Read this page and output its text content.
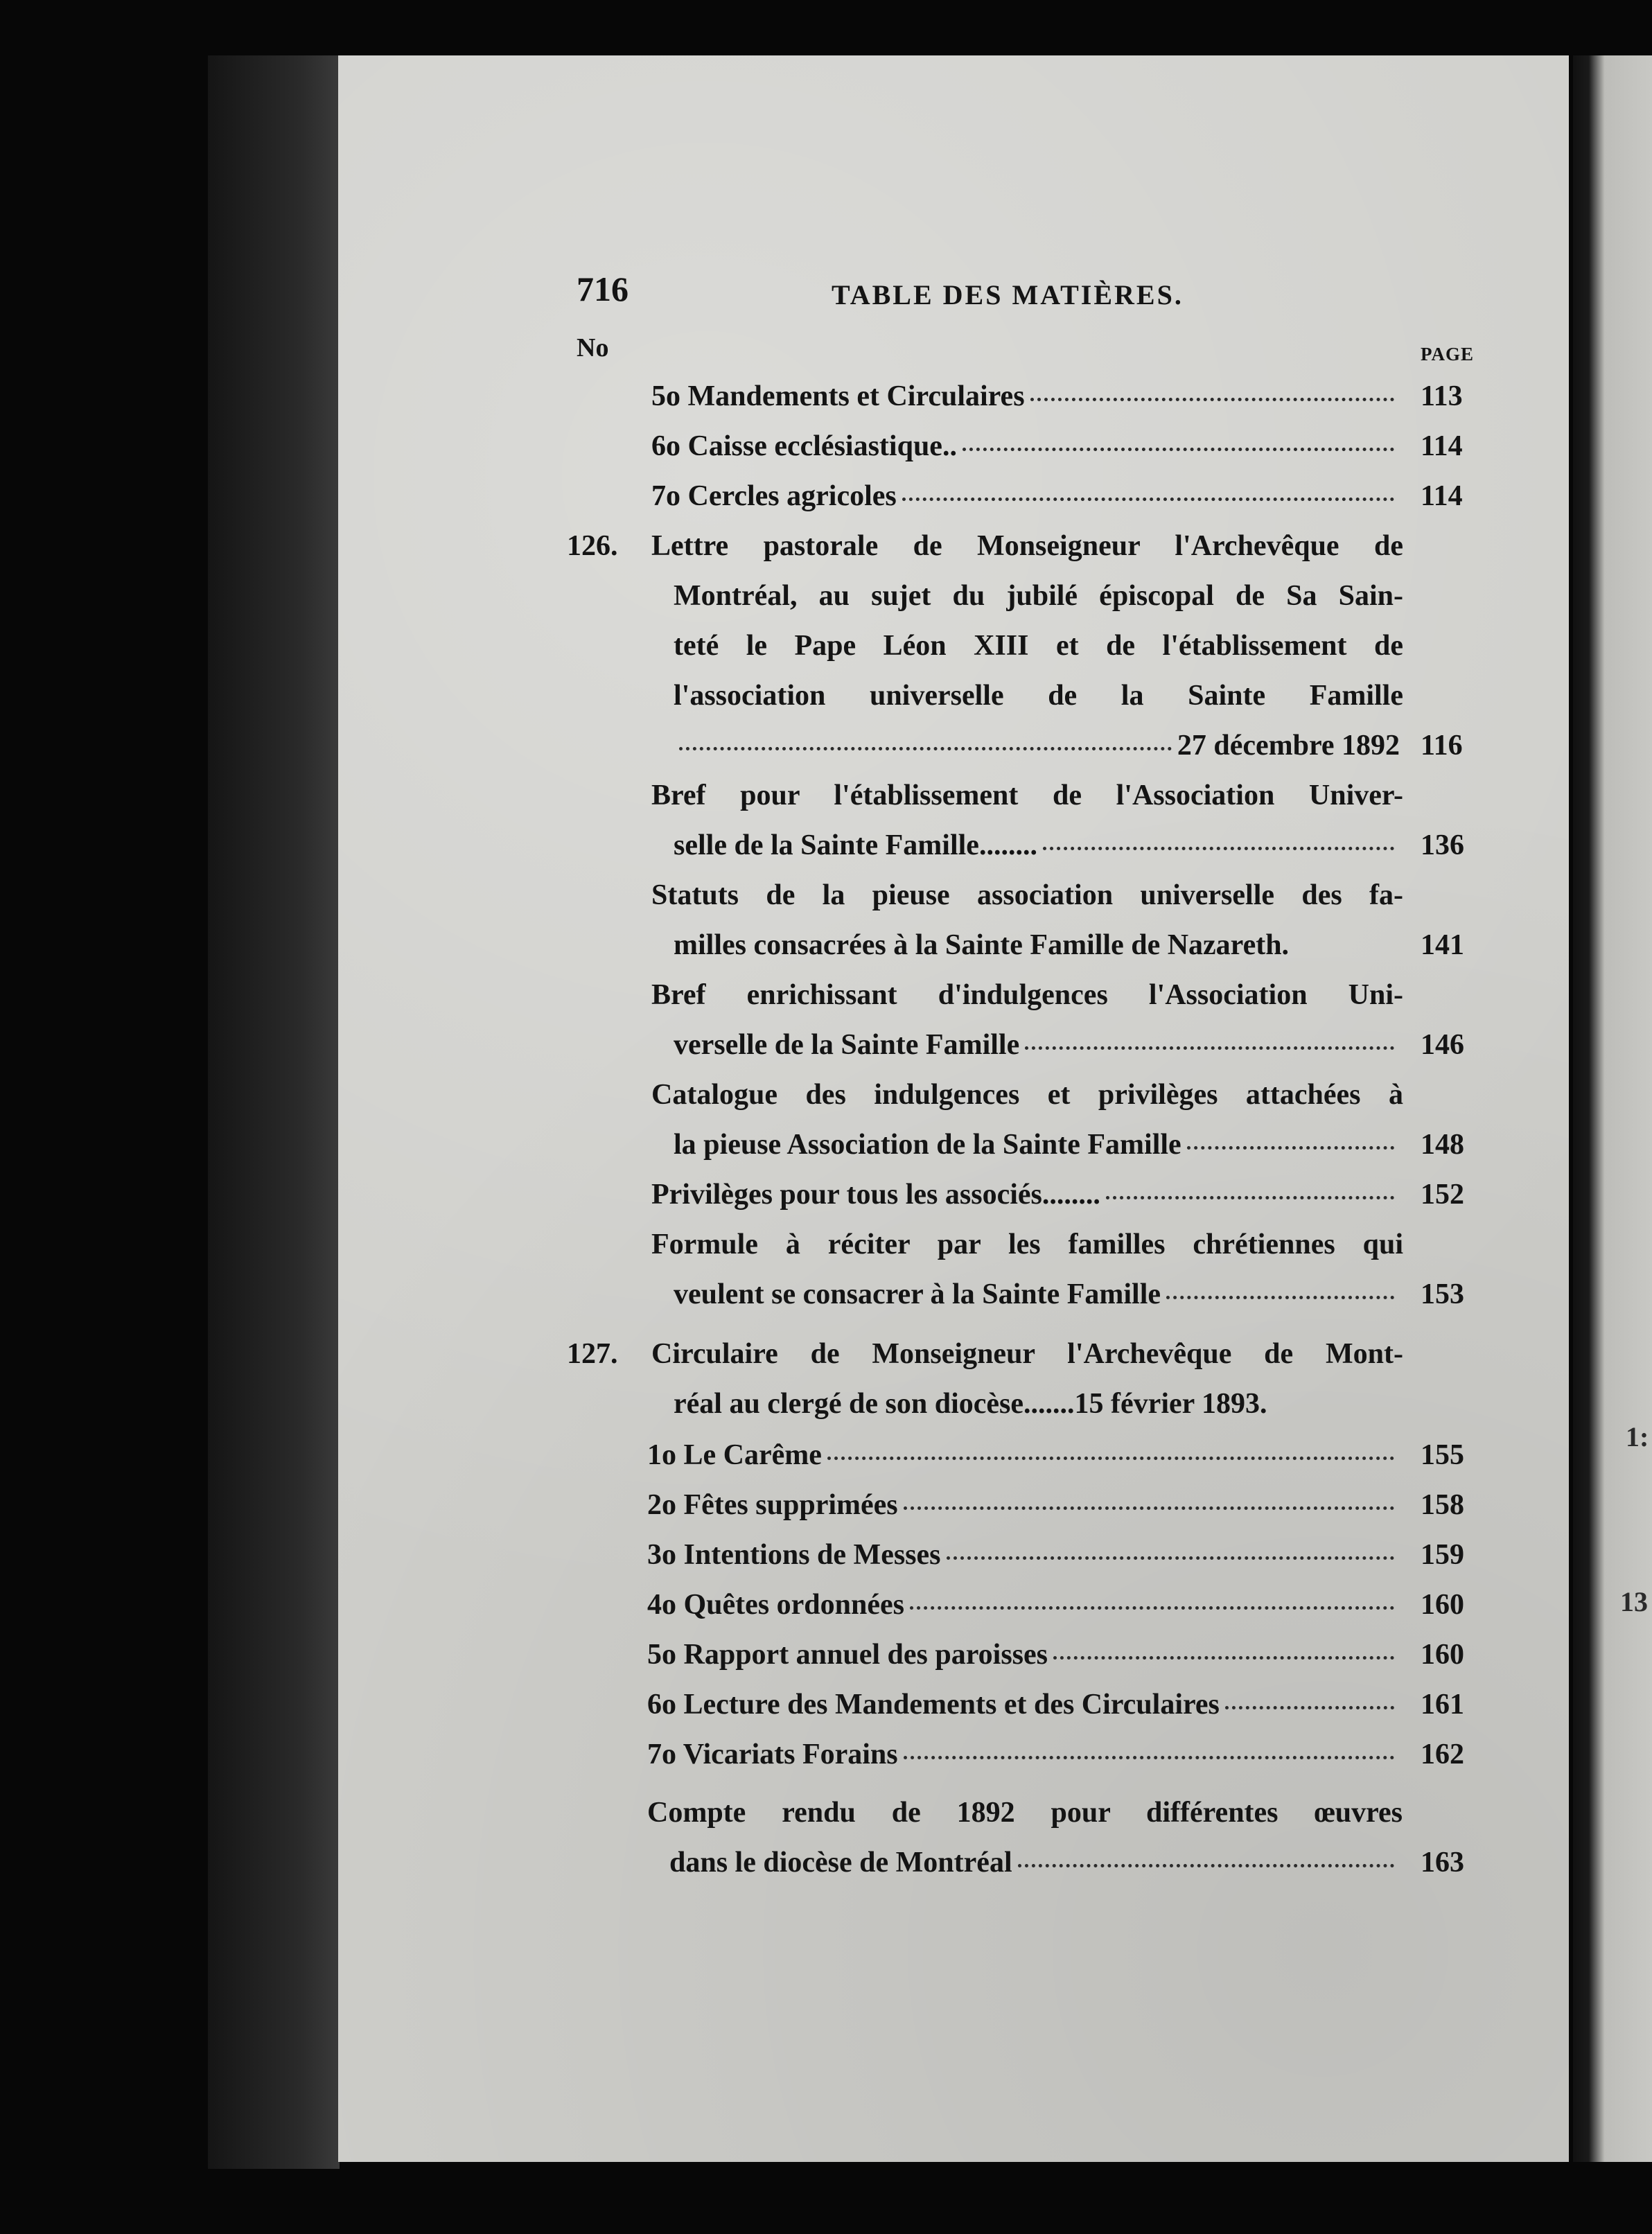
1:
13
716	TABLE DES MATIÈRES.
No	PAGE
5o Mandements et Circulaires	113
6o Caisse ecclésiastique..	114
7o Cercles agricoles	114
126. Lettre pastorale de Monseigneur l'Archevêque de
Montréal, au sujet du jubilé épiscopal de Sa Sain-
teté le Pape Léon XIII et de l'établissement de
l'association universelle de la Sainte Famille
27 décembre 1892 116
Bref pour l'établissement de l'Association Univer-
selle de la Sainte Famille........	136
Statuts de la pieuse association universelle des fa-
milles consacrées à la Sainte Famille de Nazareth.	141
Bref enrichissant d'indulgences l'Association Uni-
verselle de la Sainte Famille	146
Catalogue des indulgences et privilèges attachées à
la pieuse Association de la Sainte Famille	148
Privilèges pour tous les associés........	152
Formule à réciter par les familles chrétiennes qui
veulent se consacrer à la Sainte Famille	153
127. Circulaire de Monseigneur l'Archevêque de Mont-
réal au clergé de son diocèse.......15 février 1893.
1o Le Carême	155
2o Fêtes supprimées	158
3o Intentions de Messes	159
4o Quêtes ordonnées	160
5o Rapport annuel des paroisses	160
6o Lecture des Mandements et des Circulaires	161
7o Vicariats Forains	162
Compte rendu de 1892 pour différentes œuvres
dans le diocèse de Montréal	163
